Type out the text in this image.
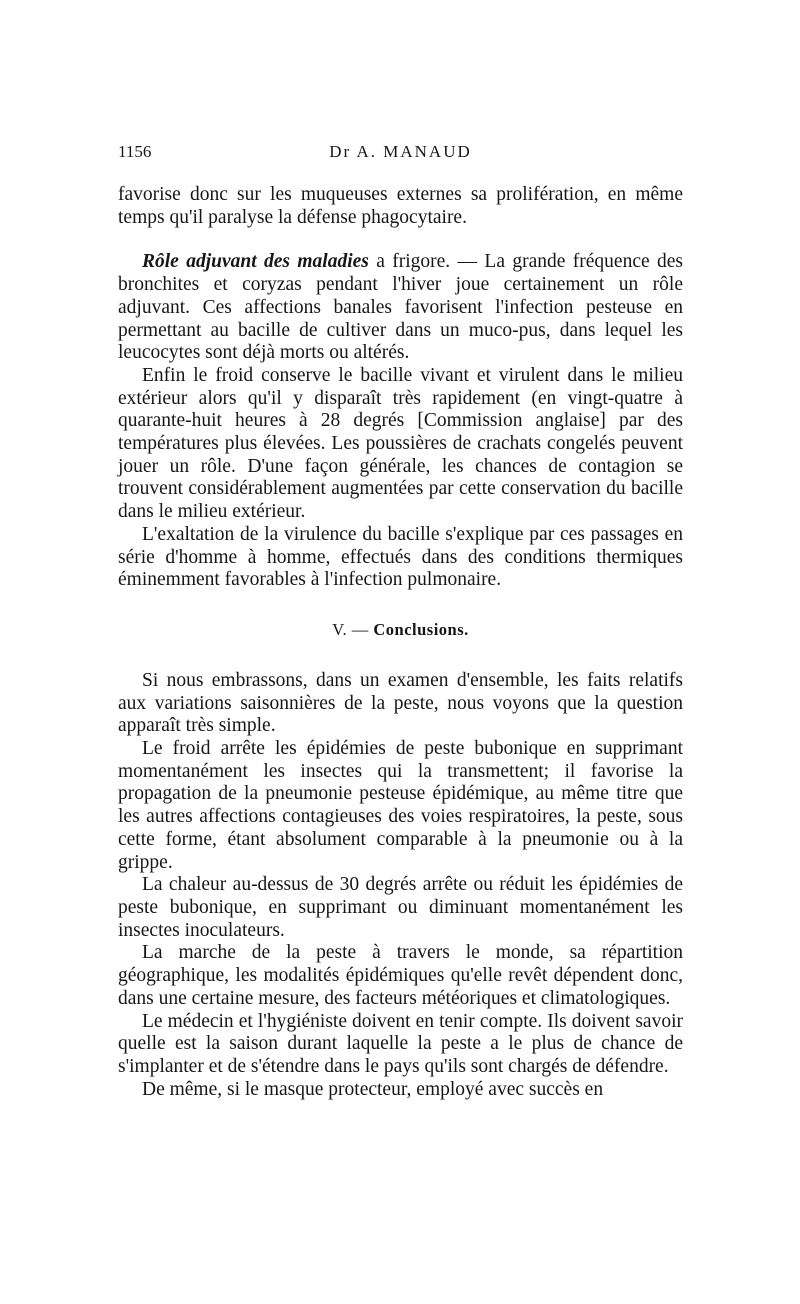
1156	Dr A. MANAUD

favorise donc sur les muqueuses externes sa prolifération, en même temps qu'il paralyse la défense phagocytaire.

Rôle adjuvant des maladies a frigore. — La grande fréquence des bronchites et coryzas pendant l'hiver joue certainement un rôle adjuvant. Ces affections banales favorisent l'infection pesteuse en permettant au bacille de cultiver dans un muco-pus, dans lequel les leucocytes sont déjà morts ou altérés.

Enfin le froid conserve le bacille vivant et virulent dans le milieu extérieur alors qu'il y disparaît très rapidement (en vingt-quatre à quarante-huit heures à 28 degrés [Commission anglaise] par des températures plus élevées. Les poussières de crachats congelés peuvent jouer un rôle. D'une façon générale, les chances de contagion se trouvent considérablement augmentées par cette conservation du bacille dans le milieu extérieur.

L'exaltation de la virulence du bacille s'explique par ces passages en série d'homme à homme, effectués dans des conditions thermiques éminemment favorables à l'infection pulmonaire.

V. — Conclusions.

Si nous embrassons, dans un examen d'ensemble, les faits relatifs aux variations saisonnières de la peste, nous voyons que la question apparaît très simple.

Le froid arrête les épidémies de peste bubonique en supprimant momentanément les insectes qui la transmettent; il favorise la propagation de la pneumonie pesteuse épidémique, au même titre que les autres affections contagieuses des voies respiratoires, la peste, sous cette forme, étant absolument comparable à la pneumonie ou à la grippe.

La chaleur au-dessus de 30 degrés arrête ou réduit les épidémies de peste bubonique, en supprimant ou diminuant momentanément les insectes inoculateurs.

La marche de la peste à travers le monde, sa répartition géographique, les modalités épidémiques qu'elle revêt dépendent donc, dans une certaine mesure, des facteurs météoriques et climatologiques.

Le médecin et l'hygiéniste doivent en tenir compte. Ils doivent savoir quelle est la saison durant laquelle la peste a le plus de chance de s'implanter et de s'étendre dans le pays qu'ils sont chargés de défendre.

De même, si le masque protecteur, employé avec succès en
